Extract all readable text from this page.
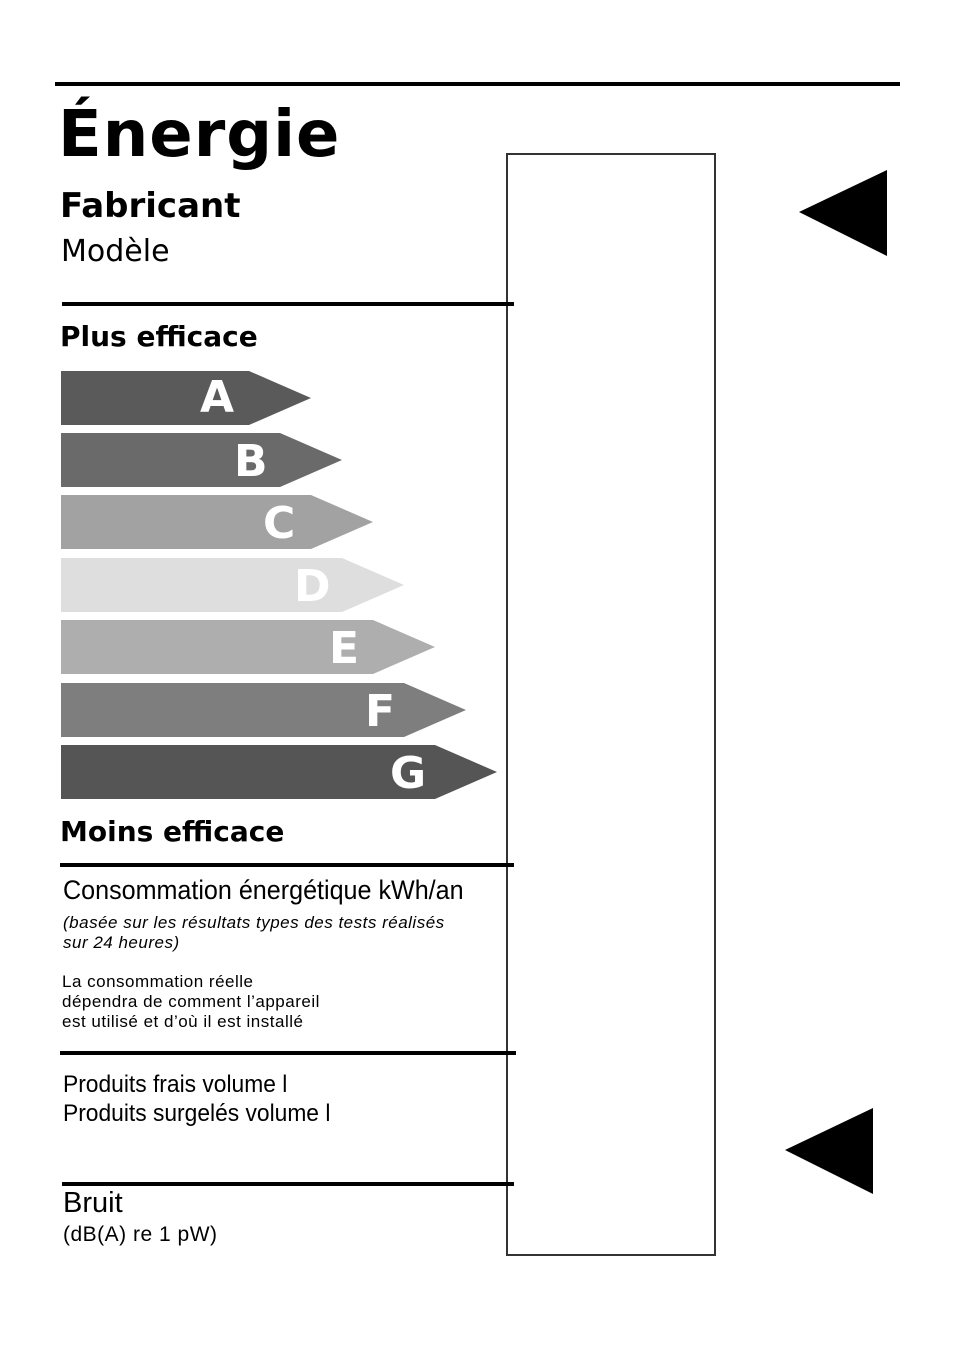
Énergie
Fabricant
Modèle
Plus efficace
A
B
C
D
E
F
G
Moins efficace
Consommation énergétique kWh/an
(basée sur les résultats types des tests réalisés
sur 24 heures)
La consommation réelle
dépendra de comment l’appareil
est utilisé et d’où il est installé
Produits frais volume l
Produits surgelés volume l
Bruit
(dB(A) re 1 pW)
